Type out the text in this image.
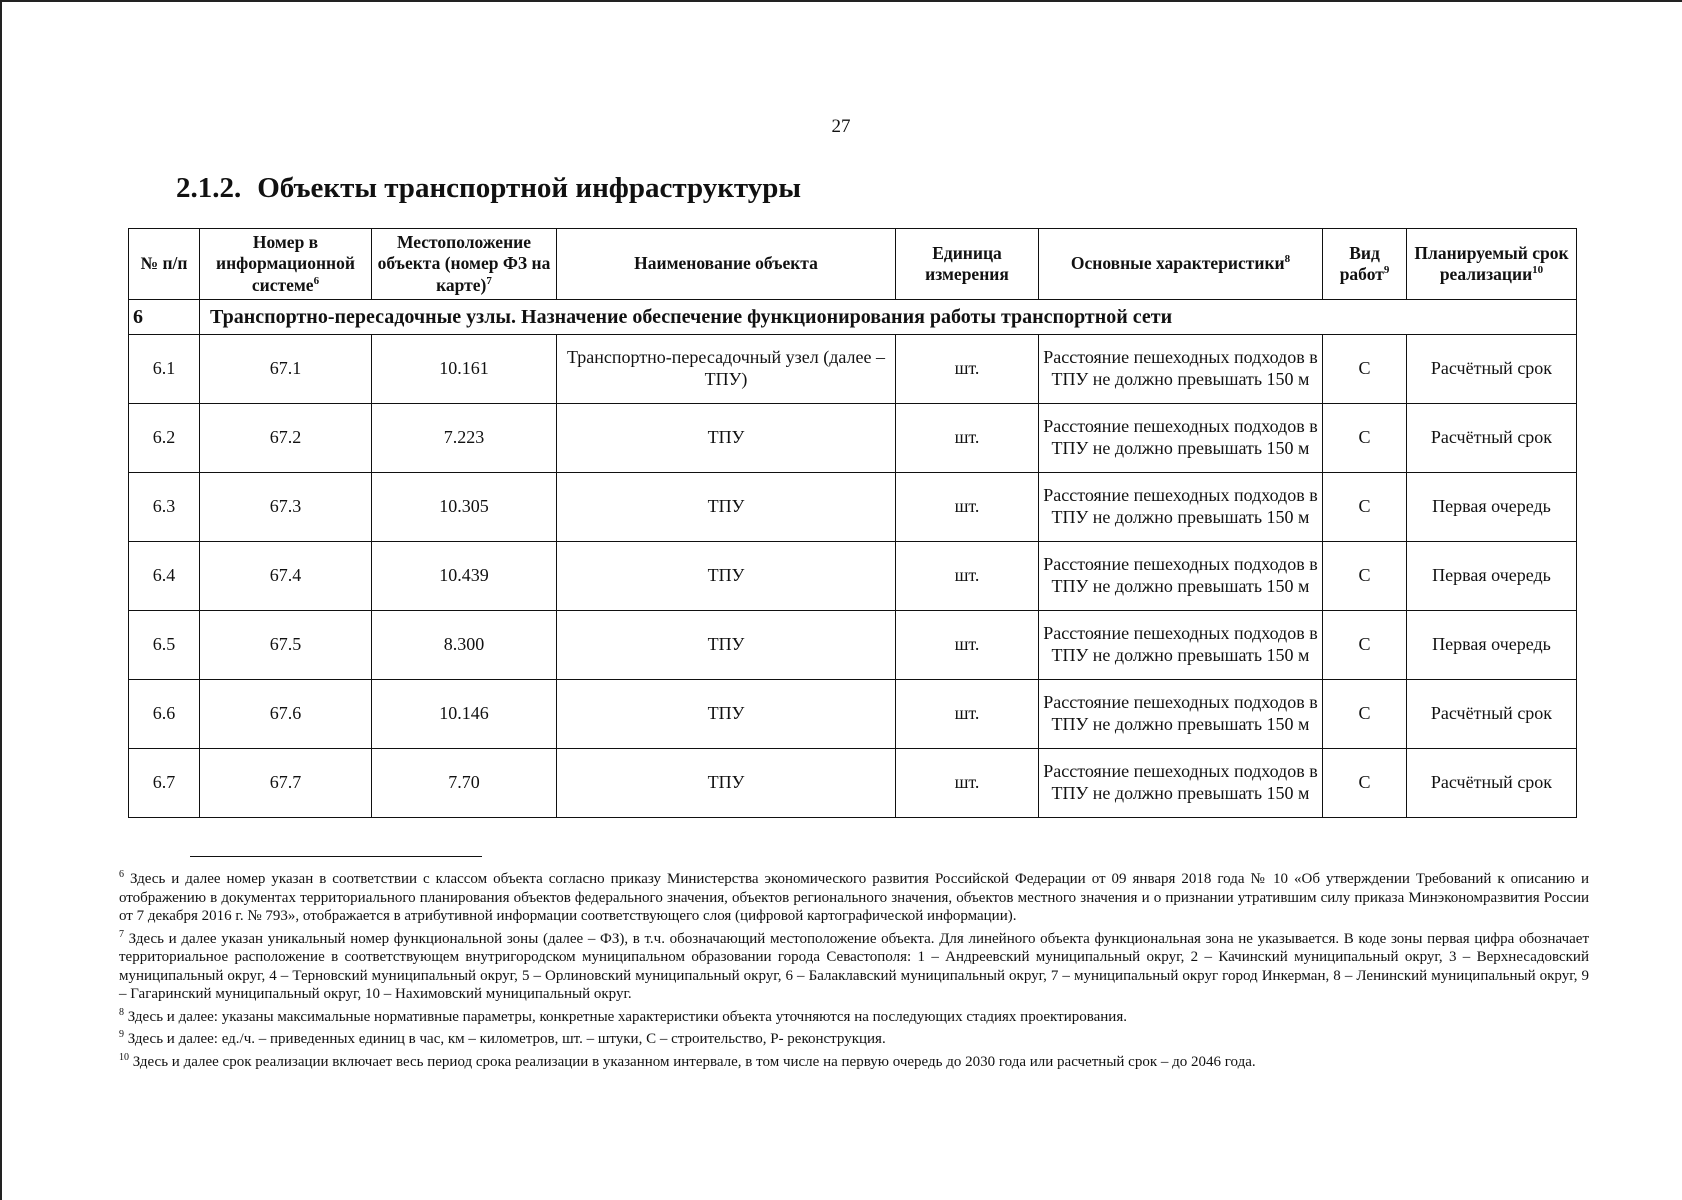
27
2.1.2. Объекты транспортной инфраструктуры
№ п/п	Номер в информационной системе$^6$	Местоположение объекта (номер ФЗ на карте)$^7$	Наименование объекта	Единица измерения	Основные характеристики$^8$	Вид работ$^9$	Планируемый срок реализации$^{10}$
6	Транспортно-пересадочные узлы. Назначение обеспечение функционирования работы транспортной сети						
6.1	67.1	10.161	Транспортно-пересадочный узел (далее – ТПУ)	шт.	Расстояние пешеходных подходов в ТПУ не должно превышать 150 м	С	Расчётный срок
6.2	67.2	7.223	ТПУ	шт.	Расстояние пешеходных подходов в ТПУ не должно превышать 150 м	С	Расчётный срок
6.3	67.3	10.305	ТПУ	шт.	Расстояние пешеходных подходов в ТПУ не должно превышать 150 м	С	Первая очередь
6.4	67.4	10.439	ТПУ	шт.	Расстояние пешеходных подходов в ТПУ не должно превышать 150 м	С	Первая очередь
6.5	67.5	8.300	ТПУ	шт.	Расстояние пешеходных подходов в ТПУ не должно превышать 150 м	С	Первая очередь
6.6	67.6	10.146	ТПУ	шт.	Расстояние пешеходных подходов в ТПУ не должно превышать 150 м	С	Расчётный срок
6.7	67.7	7.70	ТПУ	шт.	Расстояние пешеходных подходов в ТПУ не должно превышать 150 м	С	Расчётный срок

$^6$ Здесь и далее номер указан в соответствии с классом объекта согласно приказу Министерства экономического развития Российской Федерации от 09 января 2018 года № 10 «Об утверждении Требований к описанию и отображению в документах территориального планирования объектов федерального значения, объектов регионального значения, объектов местного значения и о признании утратившим силу приказа Минэкономразвития России от 7 декабря 2016 г. № 793», отображается в атрибутивной информации соответствующего слоя (цифровой картографической информации).

$^7$ Здесь и далее указан уникальный номер функциональной зоны (далее – ФЗ), в т.ч. обозначающий местоположение объекта. Для линейного объекта функциональная зона не указывается. В коде зоны первая цифра обозначает территориальное расположение в соответствующем внутригородском муниципальном образовании города Севастополя: 1 – Андреевский муниципальный округ, 2 – Качинский муниципальный округ, 3 – Верхнесадовский муниципальный округ, 4 – Терновский муниципальный округ, 5 – Орлиновский муниципальный округ, 6 – Балаклавский муниципальный округ, 7 – муниципальный округ город Инкерман, 8 – Ленинский муниципальный округ, 9 – Гагаринский муниципальный округ, 10 – Нахимовский муниципальный округ.

$^8$ Здесь и далее: указаны максимальные нормативные параметры, конкретные характеристики объекта уточняются на последующих стадиях проектирования.

$^9$ Здесь и далее: ед./ч. – приведенных единиц в час, км – километров, шт. – штуки, С – строительство, Р- реконструкция.

$^{10}$ Здесь и далее срок реализации включает весь период срока реализации в указанном интервале, в том числе на первую очередь до 2030 года или расчетный срок – до 2046 года.
